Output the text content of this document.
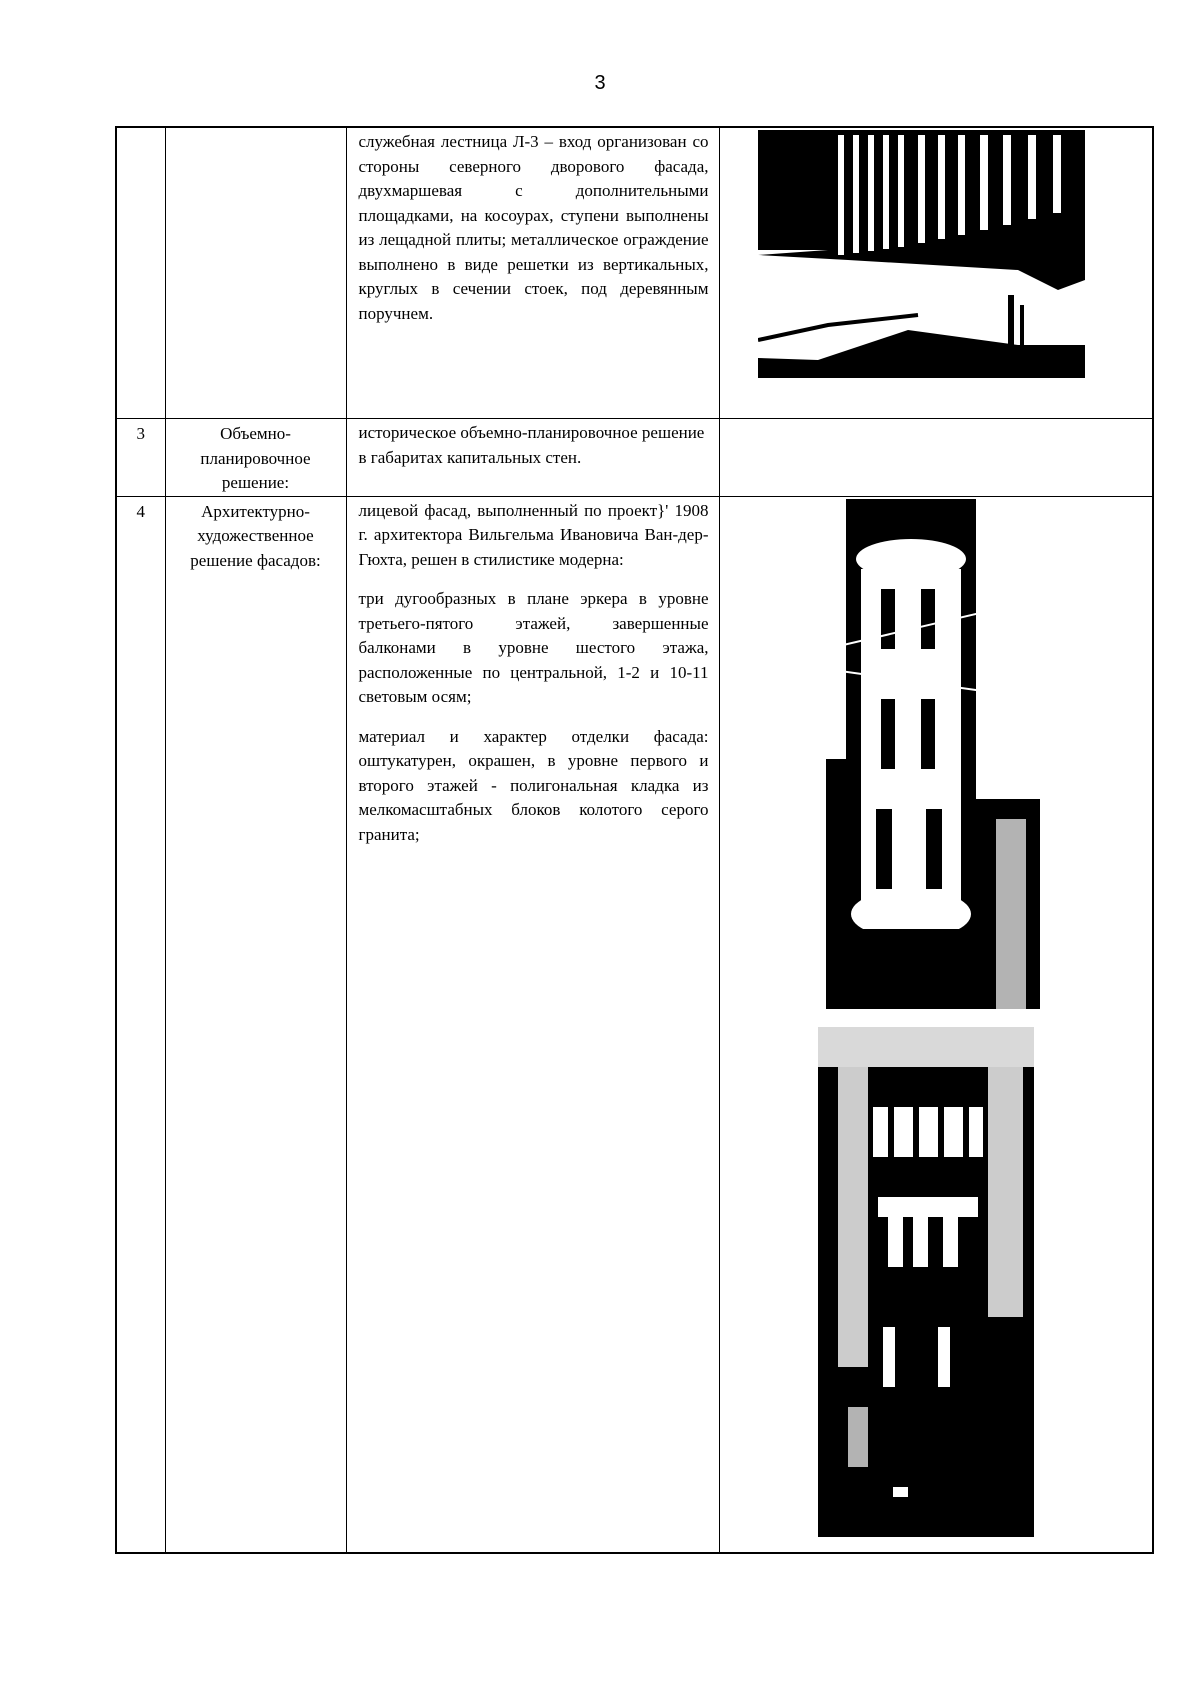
3

		служебная лестница Л-3 – вход организован со стороны северного дворового фасада, двухмаршевая с дополнительными площадками, на косоурах, ступени выполнены из лещадной плиты; металлическое ограждение выполнено в виде решетки из вертикальных, круглых в сечении стоек, под деревянным поручнем.

3	Объемно-планировочное решение:	историческое объемно-планировочное решение в габаритах капитальных стен.	

4	Архитектурно-художественное решение фасадов:	лицевой фасад, выполненный по проект}' 1908 г. архитектора Вильгельма Ивановича Ван-дер-Гюхта, решен в стилистике модерна:

три дугообразных в плане эркера в уровне третьего-пятого этажей, завершенные балконами в уровне шестого этажа, расположенные по центральной, 1-2 и 10-11 световым осям;

материал и характер отделки фасада: оштукатурен, окрашен, в уровне первого и второго этажей - полигональная кладка из мелкомасштабных блоков колотого серого гранита;
